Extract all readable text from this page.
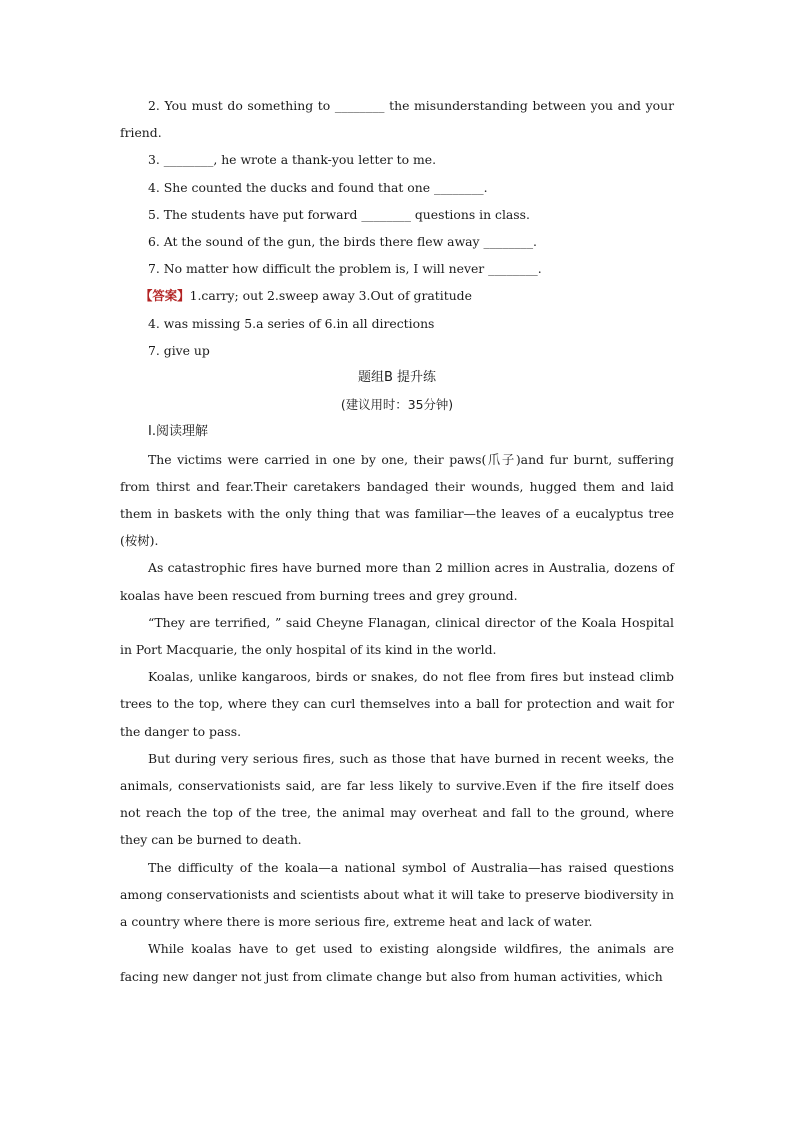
2. You must do something to ________ the misunderstanding between you and your friend.

3. ________, he wrote a thank-you letter to me.

4. She counted the ducks and found that one ________.

5. The students have put forward ________ questions in class.

6. At the sound of the gun, the birds there flew away ________.

7. No matter how difficult the problem is, I will never ________.

【答案】1.carry; out 2.sweep away 3.Out of gratitude

4. was missing 5.a series of 6.in all directions

7. give up

题组B 提升练

(建议用时：35分钟)

Ⅰ.阅读理解

The victims were carried in one by one, their paws(爪子)and fur burnt, suffering from thirst and fear.Their caretakers bandaged their wounds, hugged them and laid them in baskets with the only thing that was familiar—the leaves of a eucalyptus tree (桉树).

As catastrophic fires have burned more than 2 million acres in Australia, dozens of koalas have been rescued from burning trees and grey ground.

“They are terrified, ” said Cheyne Flanagan, clinical director of the Koala Hospital in Port Macquarie, the only hospital of its kind in the world.

Koalas, unlike kangaroos, birds or snakes, do not flee from fires but instead climb trees to the top, where they can curl themselves into a ball for protection and wait for the danger to pass.

But during very serious fires, such as those that have burned in recent weeks, the animals, conservationists said, are far less likely to survive.Even if the fire itself does not reach the top of the tree, the animal may overheat and fall to the ground, where they can be burned to death.

The difficulty of the koala—a national symbol of Australia—has raised questions among conservationists and scientists about what it will take to preserve biodiversity in a country where there is more serious fire, extreme heat and lack of water.

While koalas have to get used to existing alongside wildfires, the animals are facing new danger not just from climate change but also from human activities, which
